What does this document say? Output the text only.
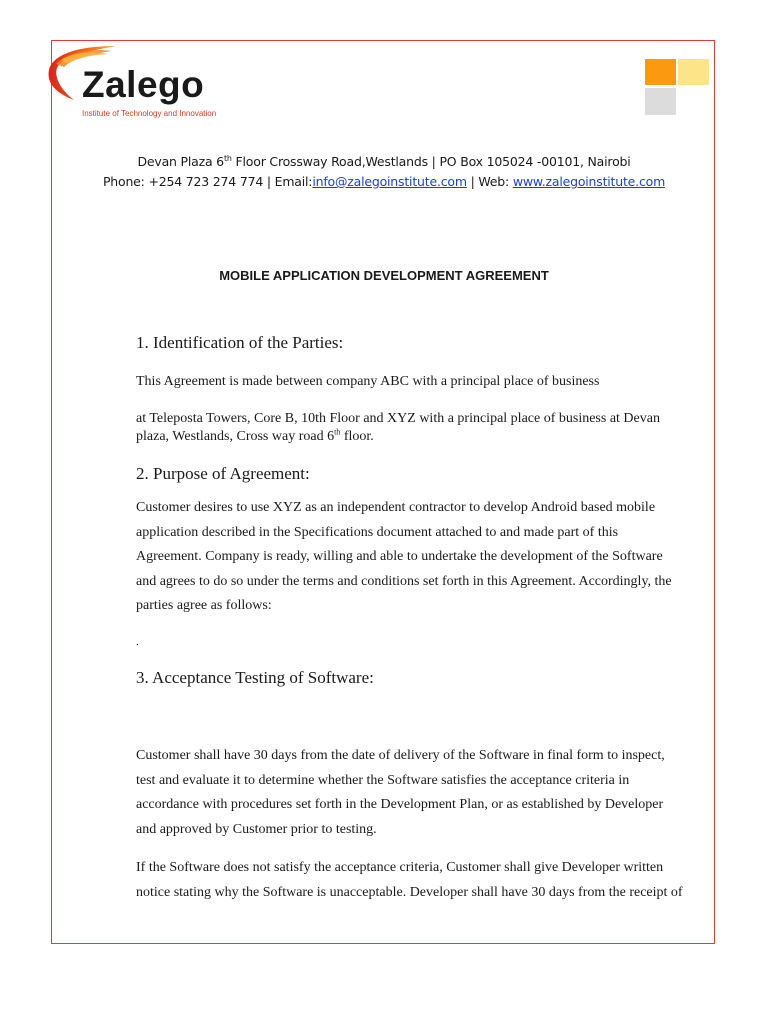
Zalego
Institute of Technology and Innovation
Devan Plaza 6th Floor Crossway Road,Westlands | PO Box 105024 -00101, Nairobi
Phone: +254 723 274 774 | Email:info@zalegoinstitute.com | Web: www.zalegoinstitute.com
MOBILE APPLICATION DEVELOPMENT AGREEMENT
1. Identification of the Parties:

This Agreement is made between company ABC with a principal place of business

at Teleposta Towers, Core B, 10th Floor and XYZ with a principal place of business at Devan
plaza, Westlands, Cross way road 6th floor.

2. Purpose of Agreement:

Customer desires to use XYZ as an independent contractor to develop Android based mobile
application described in the Specifications document attached to and made part of this
Agreement. Company is ready, willing and able to undertake the development of the Software
and agrees to do so under the terms and conditions set forth in this Agreement. Accordingly, the
parties agree as follows:

.

3. Acceptance Testing of Software:

Customer shall have 30 days from the date of delivery of the Software in final form to inspect,
test and evaluate it to determine whether the Software satisfies the acceptance criteria in
accordance with procedures set forth in the Development Plan, or as established by Developer
and approved by Customer prior to testing.

If the Software does not satisfy the acceptance criteria, Customer shall give Developer written
notice stating why the Software is unacceptable. Developer shall have 30 days from the receipt of
